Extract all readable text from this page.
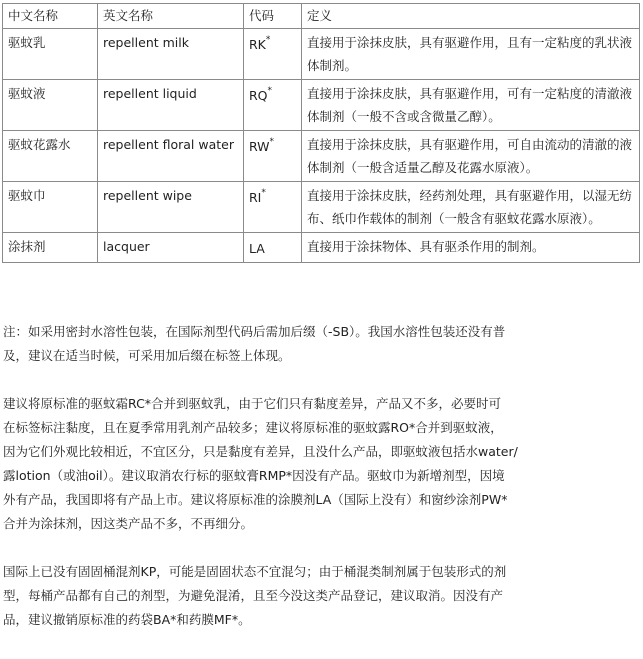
中文名称	英文名称	代码	定义
驱蚊乳	repellent milk	RK*	直接用于涂抹皮肤，具有驱避作用，且有一定粘度的乳状液体制剂。
驱蚊液	repellent liquid	RQ*	直接用于涂抹皮肤，具有驱避作用，可有一定粘度的清澈液体制剂（一般不含或含微量乙醇）。
驱蚊花露水	repellent floral water	RW*	直接用于涂抹皮肤，具有驱避作用，可自由流动的清澈的液体制剂（一般含适量乙醇及花露水原液）。
驱蚊巾	repellent wipe	RI*	直接用于涂抹皮肤，经药剂处理，具有驱避作用，以湿无纺布、纸巾作载体的制剂（一般含有驱蚊花露水原液）。
涂抹剂	lacquer	LA	直接用于涂抹物体、具有驱杀作用的制剂。

注：如采用密封水溶性包装，在国际剂型代码后需加后缀（-SB）。我国水溶性包装还没有普
及，建议在适当时候，可采用加后缀在标签上体现。

建议将原标准的驱蚊霜RC*合并到驱蚊乳，由于它们只有黏度差异，产品又不多，必要时可
在标签标注黏度，且在夏季常用乳剂产品较多；建议将原标准的驱蚊露RO*合并到驱蚊液，
因为它们外观比较相近，不宜区分，只是黏度有差异，且没什么产品，即驱蚊液包括水water/
露lotion（或油oil）。建议取消农行标的驱蚊膏RMP*因没有产品。驱蚊巾为新增剂型，因境
外有产品，我国即将有产品上市。建议将原标准的涂膜剂LA（国际上没有）和窗纱涂剂PW*
合并为涂抹剂，因这类产品不多，不再细分。

国际上已没有固固桶混剂KP，可能是固固状态不宜混匀；由于桶混类制剂属于包装形式的剂
型，每桶产品都有自己的剂型，为避免混淆，且至今没这类产品登记，建议取消。因没有产
品，建议撤销原标准的药袋BA*和药膜MF*。
